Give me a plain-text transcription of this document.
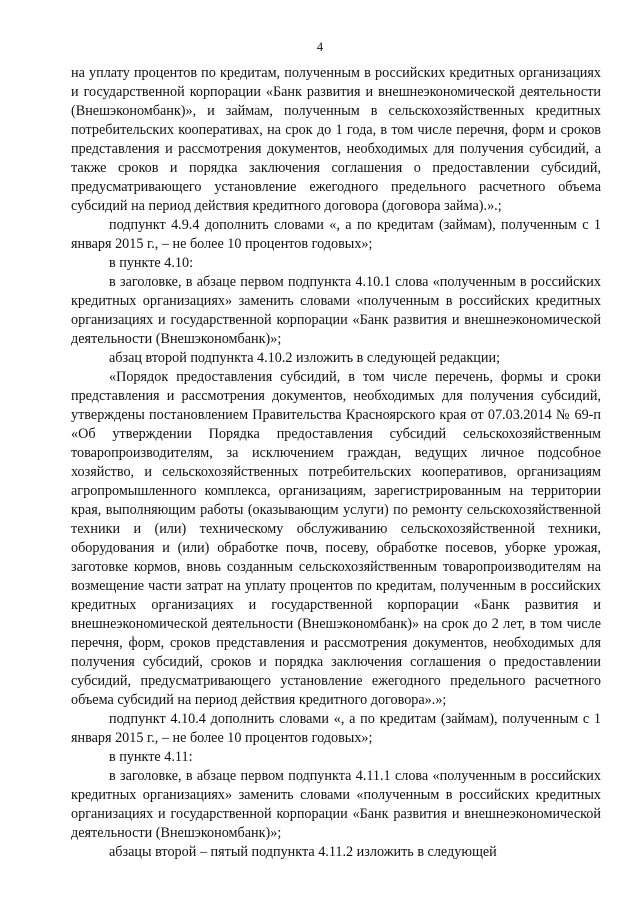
4

на уплату процентов по кредитам, полученным в российских кредитных организациях и государственной корпорации «Банк развития и внешнеэкономической деятельности (Внешэкономбанк)», и займам, полученным в сельскохозяйственных кредитных потребительских кооперативах, на срок до 1 года, в том числе перечня, форм и сроков представления и рассмотрения документов, необходимых для получения субсидий, а также сроков и порядка заключения соглашения о предоставлении субсидий, предусматривающего установление ежегодного предельного расчетного объема субсидий на период действия кредитного договора (договора займа).».;

подпункт 4.9.4 дополнить словами «, а по кредитам (займам), полученным с 1 января 2015 г., – не более 10 процентов годовых»;

в пункте 4.10:

в заголовке, в абзаце первом подпункта 4.10.1 слова «полученным в российских кредитных организациях» заменить словами «полученным в российских кредитных организациях и государственной корпорации «Банк развития и внешнеэкономической деятельности (Внешэкономбанк)»;

абзац второй подпункта 4.10.2 изложить в следующей редакции;

«Порядок предоставления субсидий, в том числе перечень, формы и сроки представления и рассмотрения документов, необходимых для получения субсидий, утверждены постановлением Правительства Красноярского края от 07.03.2014 № 69-п «Об утверждении Порядка предоставления субсидий сельскохозяйственным товаропроизводителям, за исключением граждан, ведущих личное подсобное хозяйство, и сельскохозяйственных потребительских кооперативов, организациям агропромышленного комплекса, организациям, зарегистрированным на территории края, выполняющим работы (оказывающим услуги) по ремонту сельскохозяйственной техники и (или) техническому обслуживанию сельскохозяйственной техники, оборудования и (или) обработке почв, посеву, обработке посевов, уборке урожая, заготовке кормов, вновь созданным сельскохозяйственным товаропроизводителям на возмещение части затрат на уплату процентов по кредитам, полученным в российских кредитных организациях и государственной корпорации «Банк развития и внешнеэкономической деятельности (Внешэкономбанк)» на срок до 2 лет, в том числе перечня, форм, сроков представления и рассмотрения документов, необходимых для получения субсидий, сроков и порядка заключения соглашения о предоставлении субсидий, предусматривающего установление ежегодного предельного расчетного объема субсидий на период действия кредитного договора».»;

подпункт 4.10.4 дополнить словами «, а по кредитам (займам), полученным с 1 января 2015 г., – не более 10 процентов годовых»;

в пункте 4.11:

в заголовке, в абзаце первом подпункта 4.11.1 слова «полученным в российских кредитных организациях» заменить словами «полученным в российских кредитных организациях и государственной корпорации «Банк развития и внешнеэкономической деятельности (Внешэкономбанк)»;

абзацы второй – пятый подпункта 4.11.2 изложить в следующей
